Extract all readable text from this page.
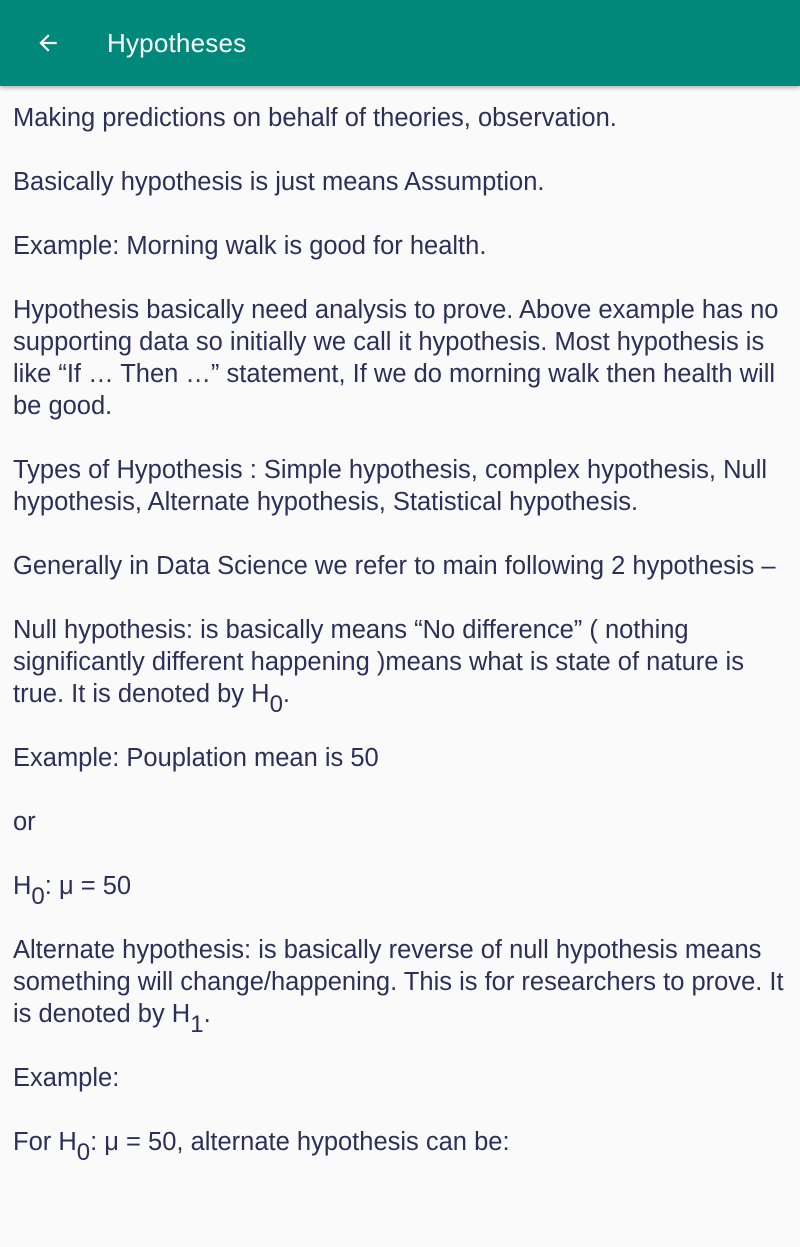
Hypotheses

Making predictions on behalf of theories, observation.

Basically hypothesis is just means Assumption.

Example: Morning walk is good for health.

Hypothesis basically need analysis to prove. Above example has no supporting data so initially we call it hypothesis. Most hypothesis is like “If … Then …” statement, If we do morning walk then health will be good.

Types of Hypothesis : Simple hypothesis, complex hypothesis, Null hypothesis, Alternate hypothesis, Statistical hypothesis.

Generally in Data Science we refer to main following 2 hypothesis –

Null hypothesis: is basically means “No difference” ( nothing significantly different happening )means what is state of nature is true. It is denoted by $H_0$.

Example: Pouplation mean is 50

or

$H_0$: μ = 50

Alternate hypothesis: is basically reverse of null hypothesis means something will change/happening. This is for researchers to prove. It is denoted by $H_1$.

Example:

For $H_0$: μ = 50, alternate hypothesis can be:
